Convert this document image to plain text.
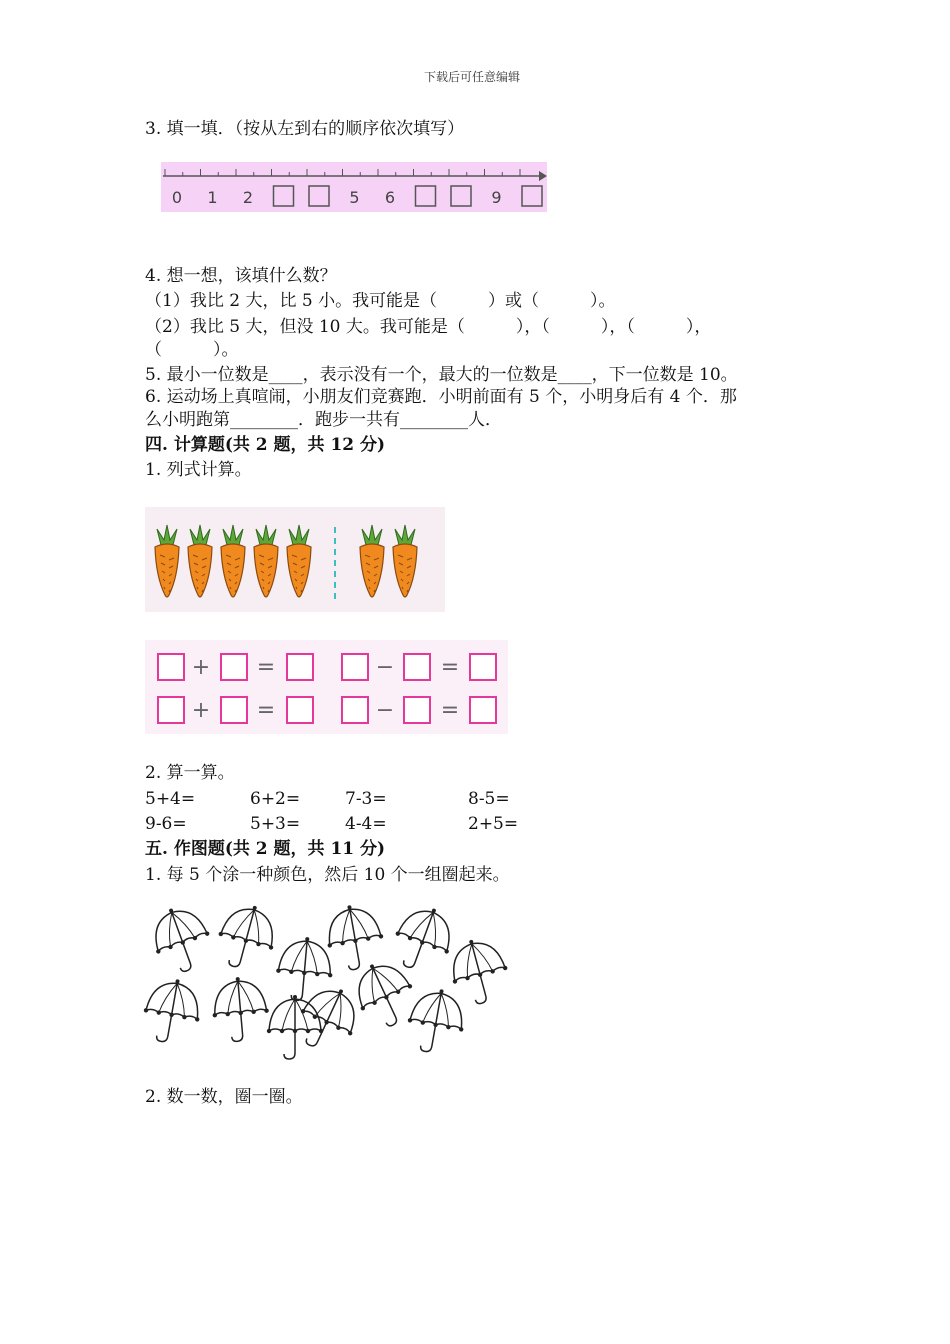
下载后可任意编辑
3. 填一填．（按从左到右的顺序依次填写）
0 1 2	5 6	9
4. 想一想，该填什么数？
（1）我比 2 大，比 5 小。我可能是（　　　）或（　　　）。
（2）我比 5 大，但没 10 大。我可能是（　　　），（　　　），（　　　），
（　　　）。
5. 最小一位数是____，表示没有一个，最大的一位数是____，下一位数是 10。
6. 运动场上真喧闹，小朋友们竞赛跑．小明前面有 5 个，小明身后有 4 个．那
么小明跑第________．跑步一共有________人．
四. 计算题(共 2 题，共 12 分)
1. 列式计算。
+ =	− =
+ =	− =
2. 算一算。
5+4=	6+2=	7-3=	8-5=
9-6=	5+3=	4-4=	2+5=
五. 作图题(共 2 题，共 11 分)
1. 每 5 个涂一种颜色，然后 10 个一组圈起来。
2. 数一数，圈一圈。
